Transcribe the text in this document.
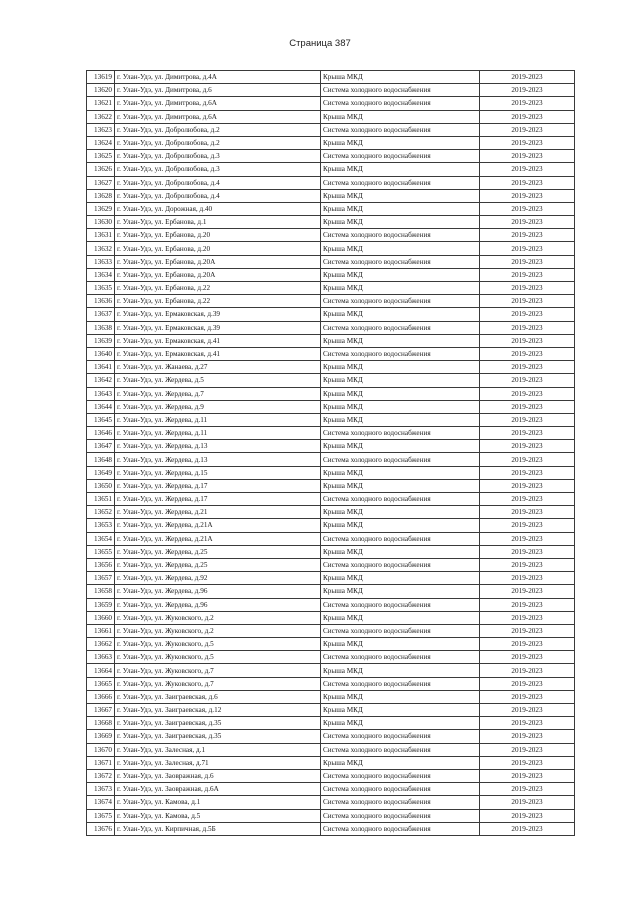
Страница 387
13619	г. Улан-Удэ, ул. Димитрова, д.4А	Крыша МКД	2019-2023
13620	г. Улан-Удэ, ул. Димитрова, д.6	Система холодного водоснабжения	2019-2023
13621	г. Улан-Удэ, ул. Димитрова, д.6А	Система холодного водоснабжения	2019-2023
13622	г. Улан-Удэ, ул. Димитрова, д.6А	Крыша МКД	2019-2023
13623	г. Улан-Удэ, ул. Добролюбова, д.2	Система холодного водоснабжения	2019-2023
13624	г. Улан-Удэ, ул. Добролюбова, д.2	Крыша МКД	2019-2023
13625	г. Улан-Удэ, ул. Добролюбова, д.3	Система холодного водоснабжения	2019-2023
13626	г. Улан-Удэ, ул. Добролюбова, д.3	Крыша МКД	2019-2023
13627	г. Улан-Удэ, ул. Добролюбова, д.4	Система холодного водоснабжения	2019-2023
13628	г. Улан-Удэ, ул. Добролюбова, д.4	Крыша МКД	2019-2023
13629	г. Улан-Удэ, ул. Дорожная, д.40	Крыша МКД	2019-2023
13630	г. Улан-Удэ, ул. Ербанова, д.1	Крыша МКД	2019-2023
13631	г. Улан-Удэ, ул. Ербанова, д.20	Система холодного водоснабжения	2019-2023
13632	г. Улан-Удэ, ул. Ербанова, д.20	Крыша МКД	2019-2023
13633	г. Улан-Удэ, ул. Ербанова, д.20А	Система холодного водоснабжения	2019-2023
13634	г. Улан-Удэ, ул. Ербанова, д.20А	Крыша МКД	2019-2023
13635	г. Улан-Удэ, ул. Ербанова, д.22	Крыша МКД	2019-2023
13636	г. Улан-Удэ, ул. Ербанова, д.22	Система холодного водоснабжения	2019-2023
13637	г. Улан-Удэ, ул. Ермаковская, д.39	Крыша МКД	2019-2023
13638	г. Улан-Удэ, ул. Ермаковская, д.39	Система холодного водоснабжения	2019-2023
13639	г. Улан-Удэ, ул. Ермаковская, д.41	Крыша МКД	2019-2023
13640	г. Улан-Удэ, ул. Ермаковская, д.41	Система холодного водоснабжения	2019-2023
13641	г. Улан-Удэ, ул. Жанаева, д.27	Крыша МКД	2019-2023
13642	г. Улан-Удэ, ул. Жердева, д.5	Крыша МКД	2019-2023
13643	г. Улан-Удэ, ул. Жердева, д.7	Крыша МКД	2019-2023
13644	г. Улан-Удэ, ул. Жердева, д.9	Крыша МКД	2019-2023
13645	г. Улан-Удэ, ул. Жердева, д.11	Крыша МКД	2019-2023
13646	г. Улан-Удэ, ул. Жердева, д.11	Система холодного водоснабжения	2019-2023
13647	г. Улан-Удэ, ул. Жердева, д.13	Крыша МКД	2019-2023
13648	г. Улан-Удэ, ул. Жердева, д.13	Система холодного водоснабжения	2019-2023
13649	г. Улан-Удэ, ул. Жердева, д.15	Крыша МКД	2019-2023
13650	г. Улан-Удэ, ул. Жердева, д.17	Крыша МКД	2019-2023
13651	г. Улан-Удэ, ул. Жердева, д.17	Система холодного водоснабжения	2019-2023
13652	г. Улан-Удэ, ул. Жердева, д.21	Крыша МКД	2019-2023
13653	г. Улан-Удэ, ул. Жердева, д.21А	Крыша МКД	2019-2023
13654	г. Улан-Удэ, ул. Жердева, д.21А	Система холодного водоснабжения	2019-2023
13655	г. Улан-Удэ, ул. Жердева, д.25	Крыша МКД	2019-2023
13656	г. Улан-Удэ, ул. Жердева, д.25	Система холодного водоснабжения	2019-2023
13657	г. Улан-Удэ, ул. Жердева, д.92	Крыша МКД	2019-2023
13658	г. Улан-Удэ, ул. Жердева, д.96	Крыша МКД	2019-2023
13659	г. Улан-Удэ, ул. Жердева, д.96	Система холодного водоснабжения	2019-2023
13660	г. Улан-Удэ, ул. Жуковского, д.2	Крыша МКД	2019-2023
13661	г. Улан-Удэ, ул. Жуковского, д.2	Система холодного водоснабжения	2019-2023
13662	г. Улан-Удэ, ул. Жуковского, д.5	Крыша МКД	2019-2023
13663	г. Улан-Удэ, ул. Жуковского, д.5	Система холодного водоснабжения	2019-2023
13664	г. Улан-Удэ, ул. Жуковского, д.7	Крыша МКД	2019-2023
13665	г. Улан-Удэ, ул. Жуковского, д.7	Система холодного водоснабжения	2019-2023
13666	г. Улан-Удэ, ул. Заиграевская, д.6	Крыша МКД	2019-2023
13667	г. Улан-Удэ, ул. Заиграевская, д.12	Крыша МКД	2019-2023
13668	г. Улан-Удэ, ул. Заиграевская, д.35	Крыша МКД	2019-2023
13669	г. Улан-Удэ, ул. Заиграевская, д.35	Система холодного водоснабжения	2019-2023
13670	г. Улан-Удэ, ул. Залесная, д.1	Система холодного водоснабжения	2019-2023
13671	г. Улан-Удэ, ул. Залесная, д.71	Крыша МКД	2019-2023
13672	г. Улан-Удэ, ул. Заовражная, д.6	Система холодного водоснабжения	2019-2023
13673	г. Улан-Удэ, ул. Заовражная, д.6А	Система холодного водоснабжения	2019-2023
13674	г. Улан-Удэ, ул. Камова, д.1	Система холодного водоснабжения	2019-2023
13675	г. Улан-Удэ, ул. Камова, д.5	Система холодного водоснабжения	2019-2023
13676	г. Улан-Удэ, ул. Кирпичная, д.5Б	Система холодного водоснабжения	2019-2023
